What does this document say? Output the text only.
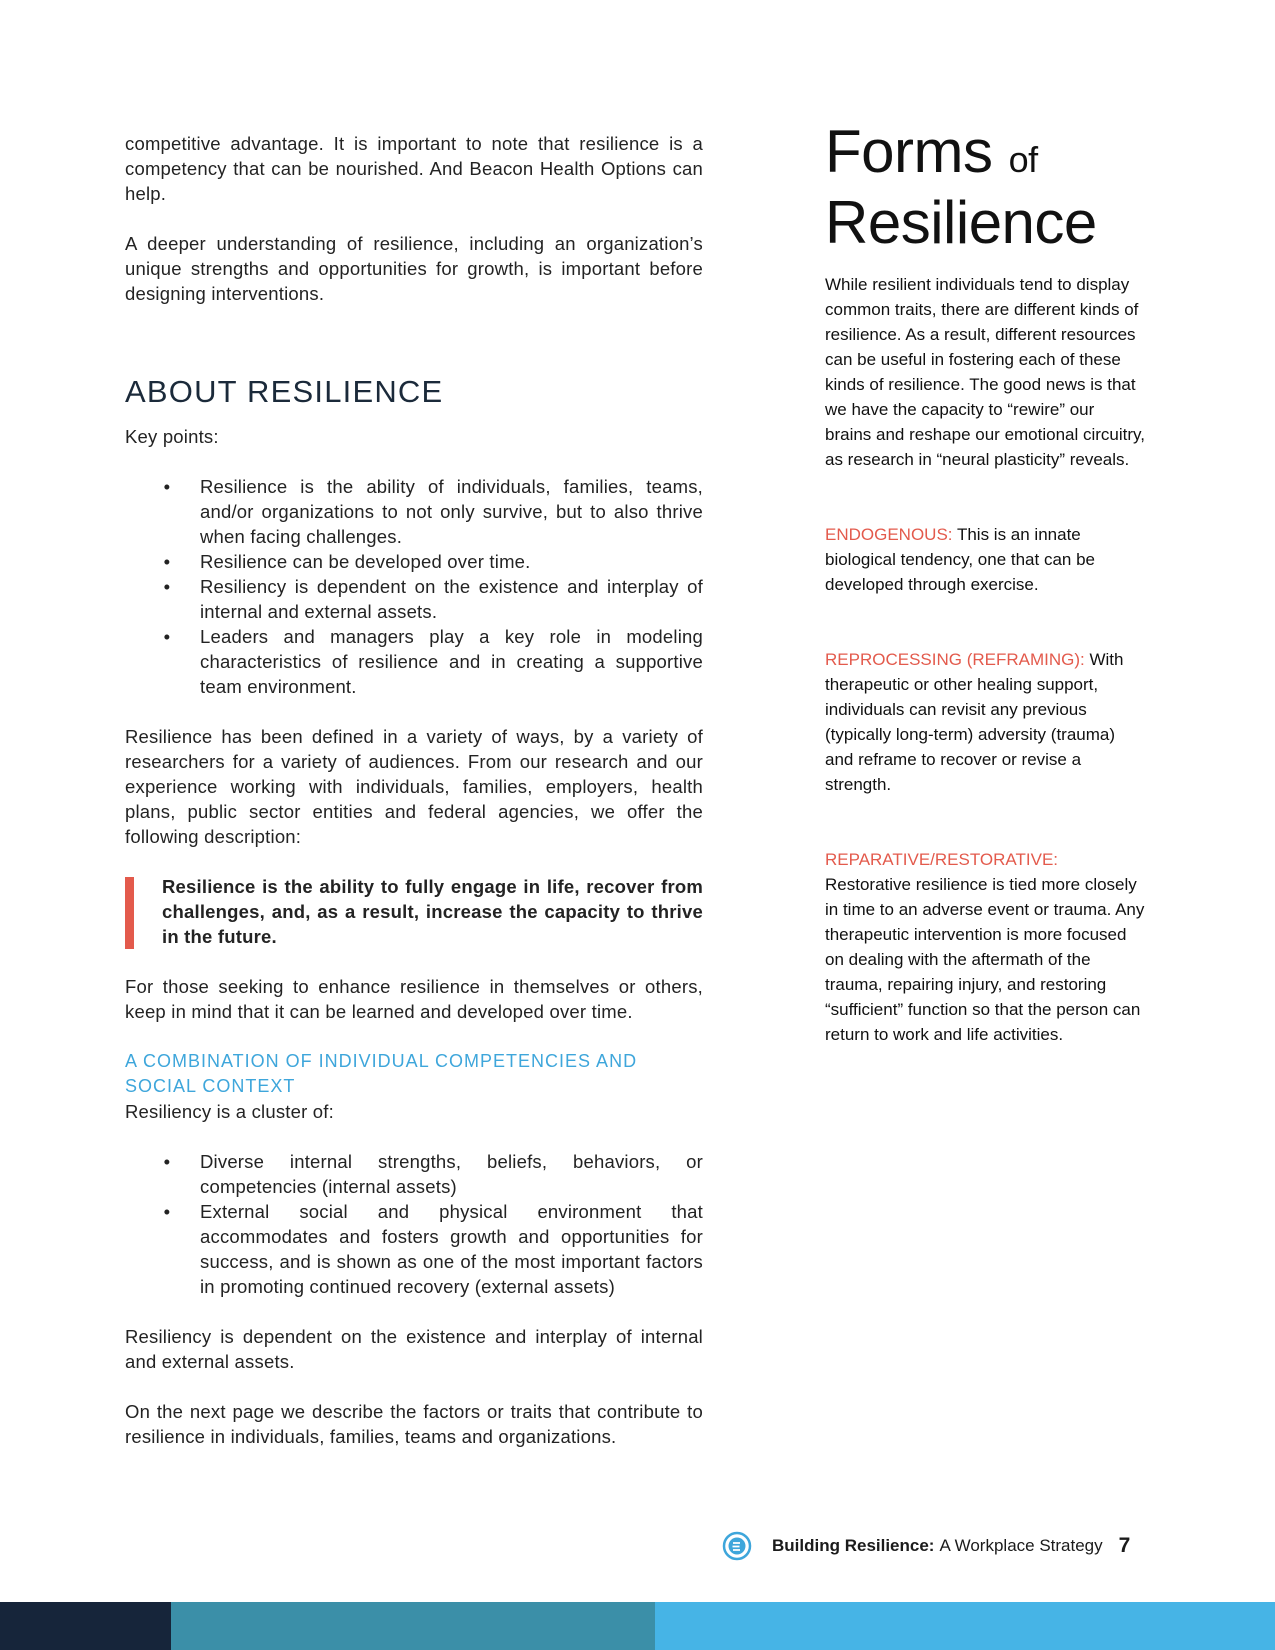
competitive advantage. It is important to note that resilience is a competency that can be nourished. And Beacon Health Options can help.

A deeper understanding of resilience, including an organization’s unique strengths and opportunities for growth, is important before designing interventions.

ABOUT RESILIENCE

Key points:

• Resilience is the ability of individuals, families, teams, and/or organizations to not only survive, but to also thrive when facing challenges.
• Resilience can be developed over time.
• Resiliency is dependent on the existence and interplay of internal and external assets.
• Leaders and managers play a key role in modeling characteristics of resilience and in creating a supportive team environment.

Resilience has been defined in a variety of ways, by a variety of researchers for a variety of audiences. From our research and our experience working with individuals, families, employers, health plans, public sector entities and federal agencies, we offer the following description:

Resilience is the ability to fully engage in life, recover from challenges, and, as a result, increase the capacity to thrive in the future.

For those seeking to enhance resilience in themselves or others, keep in mind that it can be learned and developed over time.

A COMBINATION OF INDIVIDUAL COMPETENCIES AND SOCIAL CONTEXT

Resiliency is a cluster of:

• Diverse internal strengths, beliefs, behaviors, or competencies (internal assets)
• External social and physical environment that accommodates and fosters growth and opportunities for success, and is shown as one of the most important factors in promoting continued recovery (external assets)

Resiliency is dependent on the existence and interplay of internal and external assets.

On the next page we describe the factors or traits that contribute to resilience in individuals, families, teams and organizations.

Forms of
Resilience

While resilient individuals tend to display common traits, there are different kinds of resilience. As a result, different resources can be useful in fostering each of these kinds of resilience. The good news is that we have the capacity to “rewire” our brains and reshape our emotional circuitry, as research in “neural plasticity” reveals.

ENDOGENOUS: This is an innate biological tendency, one that can be developed through exercise.

REPROCESSING (REFRAMING): With therapeutic or other healing support, individuals can revisit any previous (typically long-term) adversity (trauma) and reframe to recover or revise a strength.

REPARATIVE/RESTORATIVE:
Restorative resilience is tied more closely in time to an adverse event or trauma. Any therapeutic intervention is more focused on dealing with the aftermath of the trauma, repairing injury, and restoring “sufficient” function so that the person can return to work and life activities.

Building Resilience: A Workplace Strategy 7
